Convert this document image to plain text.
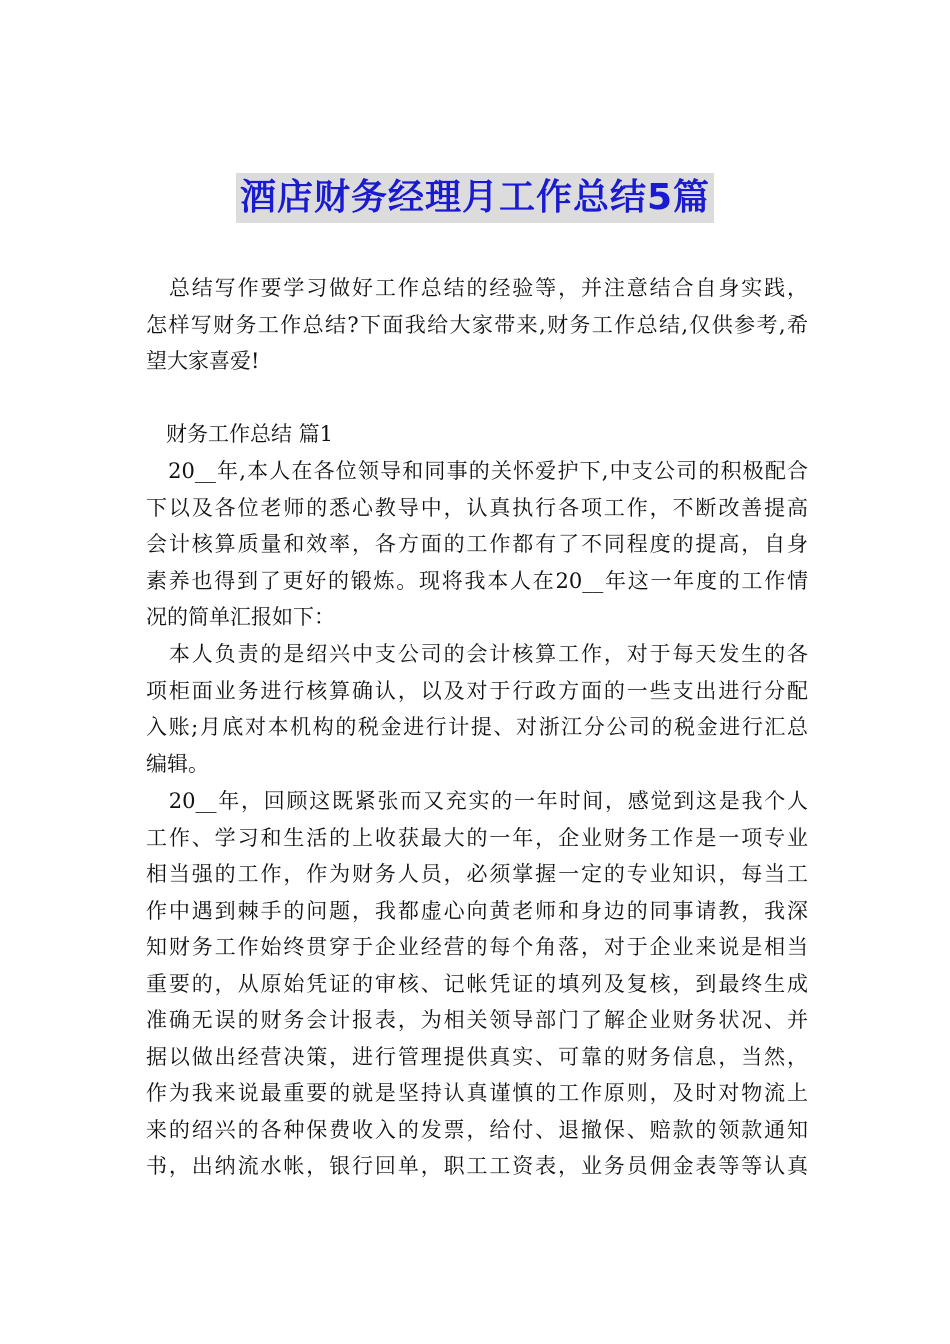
酒店财务经理月工作总结5篇
　总结写作要学习做好工作总结的经验等，并注意结合自身实践，
怎样写财务工作总结?下面我给大家带来,财务工作总结,仅供参考,希
望大家喜爱!
财务工作总结 篇1
　20__年,本人在各位领导和同事的关怀爱护下,中支公司的积极配合
下以及各位老师的悉心教导中，认真执行各项工作，不断改善提高
会计核算质量和效率，各方面的工作都有了不同程度的提高，自身
素养也得到了更好的锻炼。现将我本人在20__年这一年度的工作情
况的简单汇报如下：
　本人负责的是绍兴中支公司的会计核算工作，对于每天发生的各
项柜面业务进行核算确认，以及对于行政方面的一些支出进行分配
入账;月底对本机构的税金进行计提、对浙江分公司的税金进行汇总
编辑。
　20__年，回顾这既紧张而又充实的一年时间，感觉到这是我个人
工作、学习和生活的上收获最大的一年，企业财务工作是一项专业
相当强的工作，作为财务人员，必须掌握一定的专业知识，每当工
作中遇到棘手的问题，我都虚心向黄老师和身边的同事请教，我深
知财务工作始终贯穿于企业经营的每个角落，对于企业来说是相当
重要的，从原始凭证的审核、记帐凭证的填列及复核，到最终生成
准确无误的财务会计报表，为相关领导部门了解企业财务状况、并
据以做出经营决策，进行管理提供真实、可靠的财务信息，当然，
作为我来说最重要的就是坚持认真谨慎的工作原则，及时对物流上
来的绍兴的各种保费收入的发票，给付、退撤保、赔款的领款通知
书，出纳流水帐，银行回单，职工工资表，业务员佣金表等等认真
